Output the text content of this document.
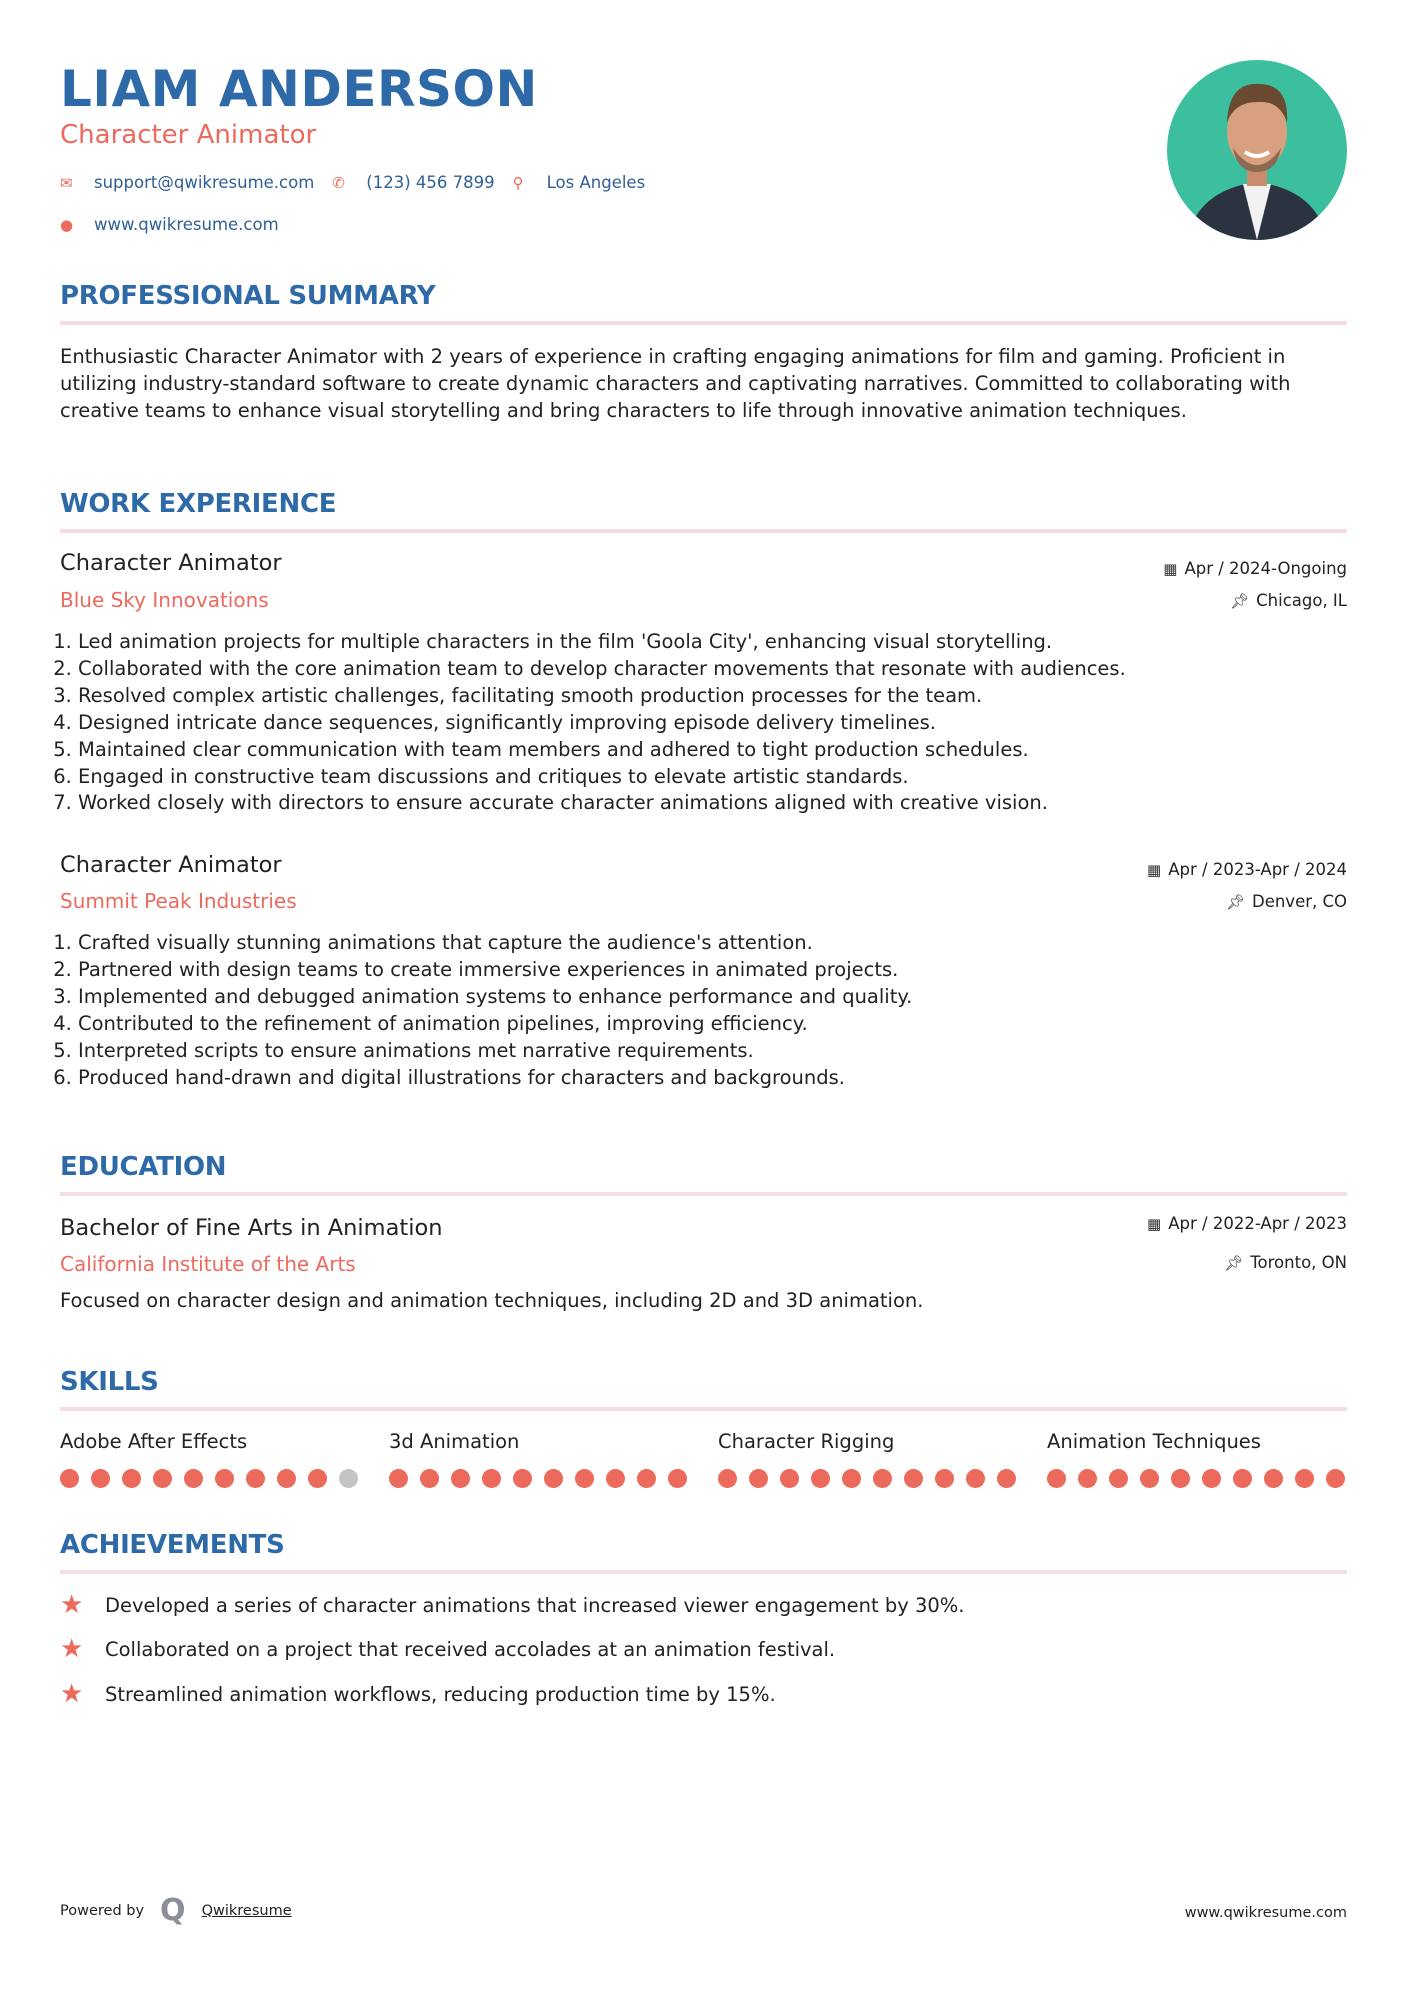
LIAM ANDERSON
Character Animator
✉	support@qwikresume.com ✆	(123) 456 7899 ⚲	Los Angeles
●	www.qwikresume.com
PROFESSIONAL SUMMARY
Enthusiastic Character Animator with 2 years of experience in crafting engaging animations for film and gaming. Proficient in utilizing industry-standard software to create dynamic characters and captivating narratives. Committed to collaborating with creative teams to enhance visual storytelling and bring characters to life through innovative animation techniques.
WORK EXPERIENCE
Character Animator
Blue Sky Innovations
▦ Apr / 2024-Ongoing
📌︎ Chicago, IL
1. Led animation projects for multiple characters in the film 'Goola City', enhancing visual storytelling.
2. Collaborated with the core animation team to develop character movements that resonate with audiences.
3. Resolved complex artistic challenges, facilitating smooth production processes for the team.
4. Designed intricate dance sequences, significantly improving episode delivery timelines.
5. Maintained clear communication with team members and adhered to tight production schedules.
6. Engaged in constructive team discussions and critiques to elevate artistic standards.
7. Worked closely with directors to ensure accurate character animations aligned with creative vision.
Character Animator
Summit Peak Industries
▦ Apr / 2023-Apr / 2024
📌︎ Denver, CO
1. Crafted visually stunning animations that capture the audience's attention.
2. Partnered with design teams to create immersive experiences in animated projects.
3. Implemented and debugged animation systems to enhance performance and quality.
4. Contributed to the refinement of animation pipelines, improving efficiency.
5. Interpreted scripts to ensure animations met narrative requirements.
6. Produced hand-drawn and digital illustrations for characters and backgrounds.
EDUCATION
Bachelor of Fine Arts in Animation
California Institute of the Arts
▦ Apr / 2022-Apr / 2023
📌︎ Toronto, ON
Focused on character design and animation techniques, including 2D and 3D animation.
SKILLS
Adobe After Effects	3d Animation	Character Rigging	Animation Techniques
ACHIEVEMENTS
★	Developed a series of character animations that increased viewer engagement by 30%.
★	Collaborated on a project that received accolades at an animation festival.
★	Streamlined animation workflows, reducing production time by 15%.
Powered by Q Qwikresume	www.qwikresume.com
